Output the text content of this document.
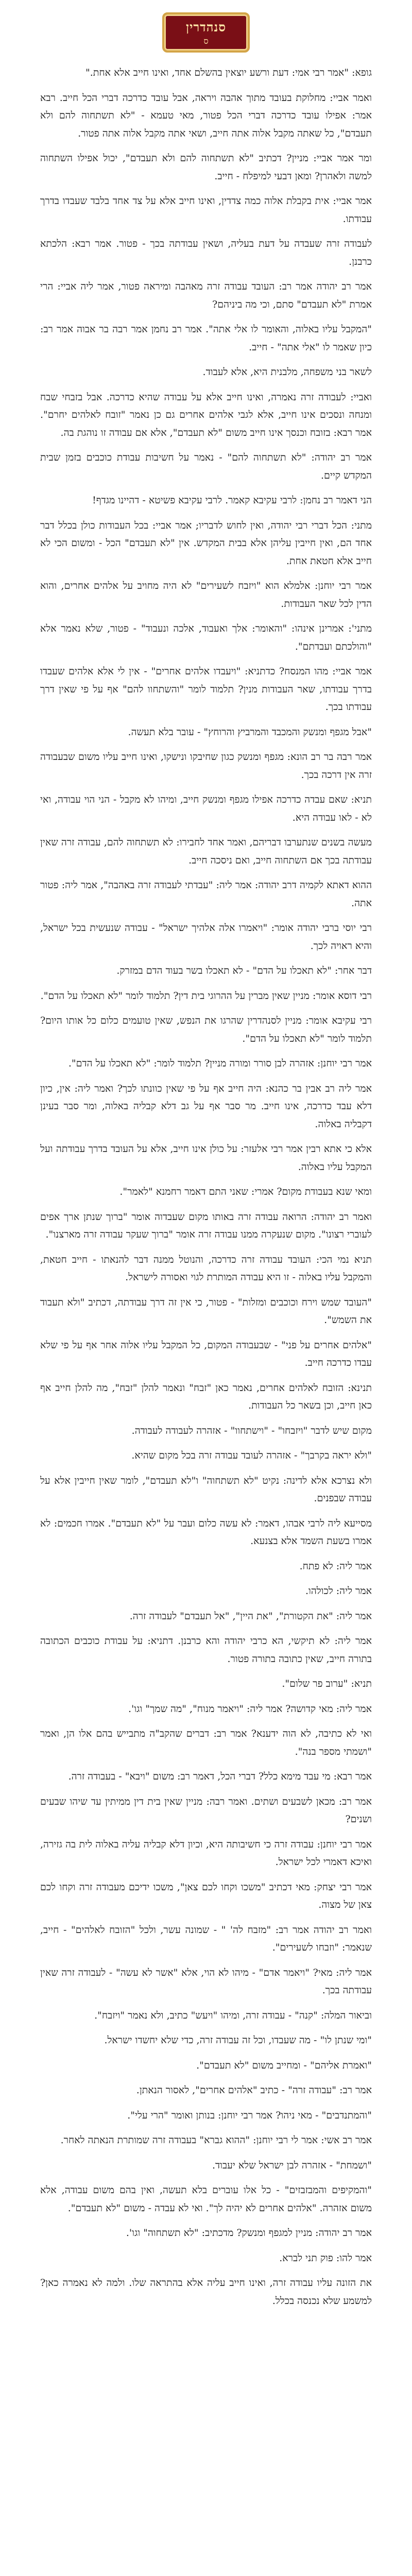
סנהדרין
ס

גופא: "אמר רבי אמי: דעת ורשע יוצאין בהשלם אחד, ואינו חייב אלא אחת."

ואמר אביי: מחלוקת בעובד מתוך אהבה ויראה, אבל עובד כדרכה דברי הכל חייב. רבא אמר: אפילו עובד כדרכה דברי הכל פטור, מאי טעמא - "לא תשתחוה להם ולא תעבדם", כל שאתה מקבל אלוה אתה חייב, ושאי אתה מקבל אלוה אתה פטור.

ומר אמר אביי: מניין? דכתיב "לא תשתחוה להם ולא תעבדם", יכול אפילו השתחוה למשה ולאהרן? ומאן דבעי למיפלח - חייב.

אמר אביי: אית בקבלת אלוה כמה צדדין, ואינו חייב אלא על צד אחד בלבד שעבדו בדרך עבודתו.

לעבודה זרה שעבדה על דעת בעליה, ושאין עבודתה בכך - פטור. אמר רבא: הלכתא כרבנן.

אמר רב יהודה אמר רב: העובד עבודה זרה מאהבה ומיראה פטור, אמר ליה אביי: הרי אמרת "לא תעבדם" סתם, וכי מה ביניהם?

"המקבל עליו באלוה, והאומר לו אלי אתה". אמר רב נחמן אמר רבה בר אבוה אמר רב: כיון שאמר לו "אלי אתה" - חייב.

לשאר בני משפחה, מלבנית היא, אלא לעבוד.

ואביי: לעבודה זרה נאמרה, ואינו חייב אלא על עבודה שהיא כדרכה. אבל בזבחי שבח ומנחה ונסכים אינו חייב, אלא לגבי אלהים אחרים גם כן נאמר "זובח לאלהים יחרם". אמר רבא: בזובח וכנסך אינו חייב משום "לא תעבדם", אלא אם עבודה זו נוהגת בה.

אמר רב יהודה: "לא תשתחוה להם" - נאמר על חשיבות עבודת כוכבים בזמן שבית המקדש קיים.

הני דאמר רב נחמן: לרבי עקיבא קאמר. לרבי עקיבא פשיטא - דהיינו מגדף!

מתני: הכל דברי רבי יהודה, ואין לחוש לדבריו; אמר אביי: בכל העבודות כולן בכלל דבר אחד הם, ואין חייבין עליהן אלא בבית המקדש. אין "לא תעבדם" הכל - ומשום הכי לא חייב אלא חטאת אחת.

אמר רבי יוחנן: אלמלא הוא "ויזבח לשעירים" לא היה מחויב על אלהים אחרים, והוא הדין לכל שאר העבודות.

מתני': אמרינן אינהו: "והאומר: אלך ואעבוד, אלכה ונעבוד" - פטור, שלא נאמר אלא "והולכתם ועבדתם".

אמר אביי: מהו המנסח? כדתניא: "ויעבדו אלהים אחרים" - אין לי אלא אלהים שעבדו בדרך עבודתו, שאר העבודות מנין? תלמוד לומר "והשתחוו להם" אף על פי שאין דרך עבודתו בכך.

"אבל מגפף ומנשק והמכבד והמרביץ והרוחץ" - עובר בלא תעשה.

אמר רבה בר רב הונא: מגפף ומנשק כגון שחיבקו ונישקו, ואינו חייב עליו משום שבעבודה זרה אין דרכה בכך.

תניא: שאם עבדה כדרכה אפילו מגפף ומנשק חייב, ומיהו לא מקבל - הני הוי עבודה, ואי לא - לאו עבודה היא.

מעשה בשנים שנתערבו דבריהם, ואמר אחד לחבירו: לא תשתחוה להם, עבודה זרה שאין עבודתה בכך אם השתחוה חייב, ואם ניסכה חייב.

ההוא דאתא לקמיה דרב יהודה: אמר ליה: "עבדתי לעבודה זרה באהבה", אמר ליה: פטור אתה.

רבי יוסי ברבי יהודה אומר: "ויאמרו אלה אלהיך ישראל" - עבודה שנעשית בכל ישראל, והיא ראויה לכך.

דבר אחר: "לא תאכלו על הדם" - לא תאכלו בשר בעוד הדם במזרק.

רבי דוסא אומר: מניין שאין מברין על ההרוגי בית דין? תלמוד לומר "לא תאכלו על הדם".

רבי עקיבא אומר: מניין לסנהדרין שהרגו את הנפש, שאין טועמים כלום כל אותו היום? תלמוד לומר "לא תאכלו על הדם".

אמר רבי יוחנן: אזהרה לבן סורר ומורה מניין? תלמוד לומר: "לא תאכלו על הדם".

אמר ליה רב אבין בר כהנא: היה חייב אף על פי שאין כוונתו לכך? ואמר ליה: אין, כיון דלא עבד כדרכה, אינו חייב. מר סבר אף על גב דלא קבליה באלוה, ומר סבר בעינן דקבליה באלוה.

אלא כי אתא רבין אמר רבי אלעזר: על כולן אינו חייב, אלא על העובד בדרך עבודתה ועל המקבל עליו באלוה.

ומאי שנא בעבודת מקום? אמרי: שאני התם דאמר רחמנא "לאמר".

ואמר רב יהודה: הרואה עבודה זרה באותו מקום שעבדוה אומר "ברוך שנתן ארך אפים לעוברי רצונו". מקום שנעקרה ממנו עבודה זרה אומר "ברוך שעקר עבודה זרה מארצנו".

תניא נמי הכי: העובד עבודה זרה כדרכה, והנוטל ממנה דבר להנאתו - חייב חטאת, והמקבל עליו באלוה - זו היא עבודה המותרת לגוי ואסורה לישראל.

"העובד שמש וירח וכוכבים ומזלות" - פטור, כי אין זה דרך עבודתה, דכתיב "ולא תעבוד את השמש".

"אלהים אחרים על פני" - שבעבודה המקום, כל המקבל עליו אלוה אחר אף על פי שלא עבדו כדרכה חייב.

תנינא: הזובח לאלהים אחרים, נאמר כאן "זבח" ונאמר להלן "זבח", מה להלן חייב אף כאן חייב, וכן בשאר כל העבודות.

מקום שיש לדבר "ויזבחו" - "וישתחוו" - אזהרה לעבודה לעבודה.

"ולא יראה בקרבך" - אזהרה לעובד עבודה זרה בכל מקום שהיא.

ולא נצרכא אלא לדינה: נקיט "לא תשתחוה" ו"לא תעבדם", לומר שאין חייבין אלא על עבודה שבפנים.

מסייעא ליה לרבי אבהו, דאמר: לא עשה כלום ועבר על "לא תעבדם". אמרו חכמים: לא אמרו בשעת השמד אלא בצנעא.

אמר ליה: לא פתח.

אמר ליה: לכולהו.

אמר ליה: "את הקטורת", "את היין", "אל תעבדם" לעבודה זרה.

אמר ליה: לא תיקשי, הא כרבי יהודה והא כרבנן. דתניא: על עבודת כוכבים הכתובה בתורה חייב, שאין כתובה בתורה פטור.

תניא: "ערוב פר שלום".

אמר ליה: מאי קדושה? אמר ליה: "ויאמר מנוח", "מה שמך" וגו'.

ואי לא כתיבה, לא הוה ידענא? אמר רב: דברים שהקב"ה מתבייש בהם אלו הן, ואמר "ושמתי מספר בנה".

אמר רבא: מי עבד מימא כלל? דברי הכל, דאמר רב: משום "ויבא" - בעבודה זרה.

אמר רב: מכאן לשבעים ושתים. ואמר רבה: מניין שאין בית דין ממיתין עד שיהו שבעים ושנים?

אמר רבי יוחנן: עבודה זרה כי חשיבותה היא, וכיון דלא קבליה עליה באלוה לית בה גזירה, ואיכא דאמרי לכל ישראל.

אמר רבי יצחק: מאי דכתיב "משכו וקחו לכם צאן", משכו ידיכם מעבודה זרה וקחו לכם צאן של מצוה.

ואמר רב יהודה אמר רב: "מזבח לה' " - שמונה עשר, ולכל "הזובח לאלהים" - חייב, שנאמר: "וזבחו לשעירים".

אמר ליה: מאי? "ויאמר אדם" - מיהו לא הוי, אלא "אשר לא עשה" - לעבודה זרה שאין עבודתה בכך.

וביאור המלה: "קנה" - עבודה זרה, ומיהו "ויעש" כתיב, ולא נאמר "ויזבח".

"ומי שנתן לו" - מה שעבדו, וכל זה עבודה זרה, כדי שלא יחשדו ישראל.

"ואמרת אליהם" - ומחייב משום "לא תעבדם".

אמר רב: "עבודה זרה" - כתיב "אלהים אחרים", לאסור הנאתן.

"והמתנדבים" - מאי ניהו? אמר רבי יוחנן: בנותן ואומר "הרי עלי".

אמר רב אשי: אמר לי רבי יוחנן: "ההוא גברא" בעבודה זרה שמותרת הנאתה לאחר.

"ושמחת" - אזהרה לבן ישראל שלא יעבוד.

"והמקיפים והמבזבזים" - כל אלו עוברים בלא תעשה, ואין בהם משום עבודה, אלא משום אזהרה. "אלהים אחרים לא יהיה לך". ואי לא עבדה - משום "לא תעבדם".

אמר רב יהודה: מניין למגפף ומנשק? מדכתיב: "לא תשתחוה" וגו'.

אמר להו: פוק תני לברא.

את הזונה עליו עבודה זרה, ואינו חייב עליה אלא בהתראה שלו. ולמה לא נאמרה כאן? למשמע שלא נכנסה בכלל.
